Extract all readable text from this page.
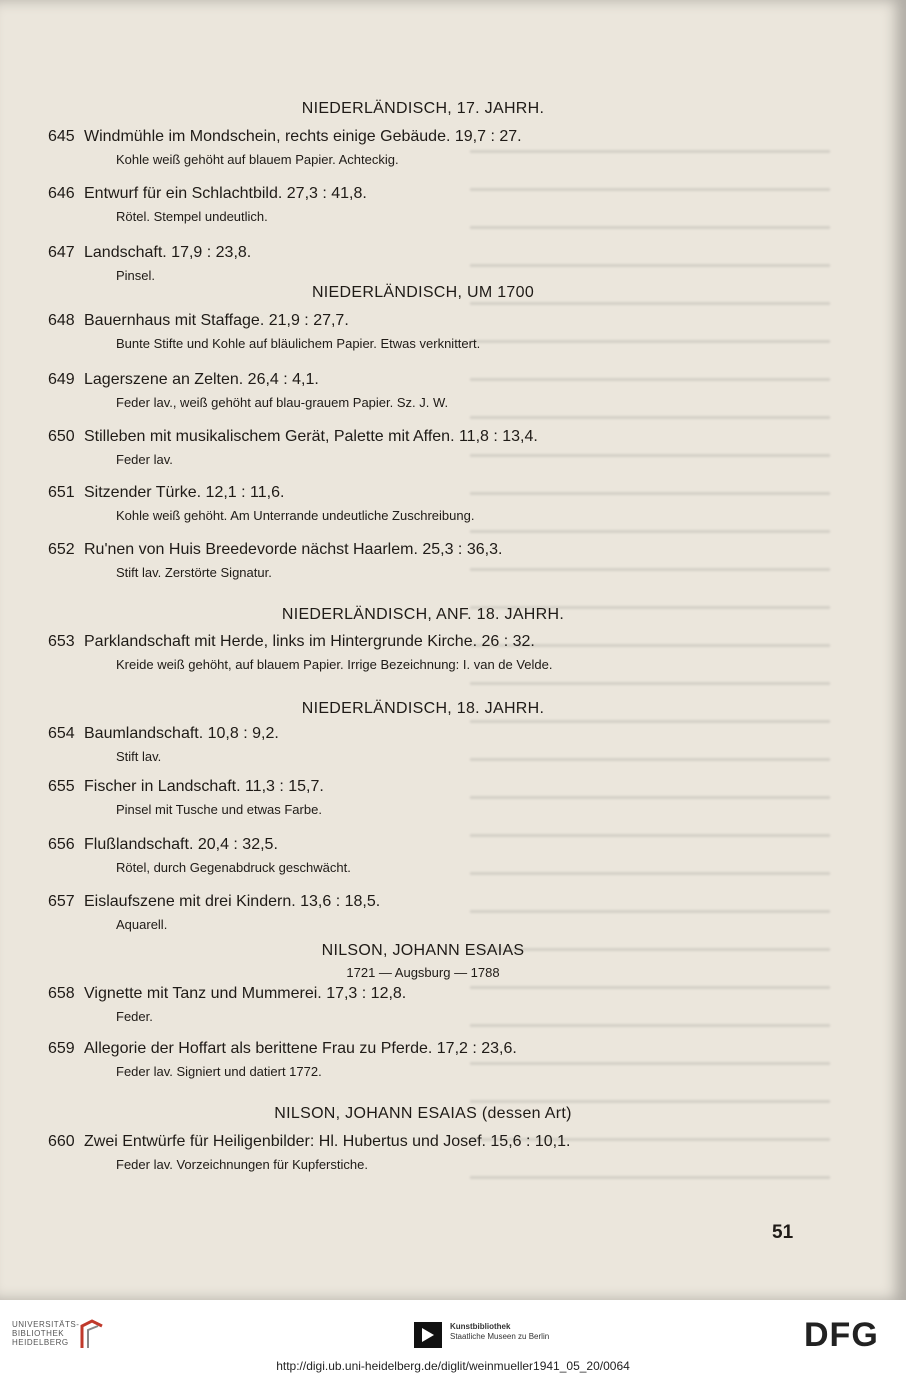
NIEDERLÄNDISCH, 17. JAHRH.
645 Windmühle im Mondschein, rechts einige Gebäude. 19,7 : 27.
Kohle weiß gehöht auf blauem Papier. Achteckig.
646 Entwurf für ein Schlachtbild. 27,3 : 41,8.
Rötel. Stempel undeutlich.
647 Landschaft. 17,9 : 23,8.
Pinsel.
NIEDERLÄNDISCH, UM 1700
648 Bauernhaus mit Staffage. 21,9 : 27,7.
Bunte Stifte und Kohle auf bläulichem Papier. Etwas verknittert.
649 Lagerszene an Zelten. 26,4 : 4,1.
Feder lav., weiß gehöht auf blau-grauem Papier. Sz. J. W.
650 Stilleben mit musikalischem Gerät, Palette mit Affen. 11,8 : 13,4.
Feder lav.
651 Sitzender Türke. 12,1 : 11,6.
Kohle weiß gehöht. Am Unterrande undeutliche Zuschreibung.
652 Ru'nen von Huis Breedevorde nächst Haarlem. 25,3 : 36,3.
Stift lav. Zerstörte Signatur.
NIEDERLÄNDISCH, ANF. 18. JAHRH.
653 Parklandschaft mit Herde, links im Hintergrunde Kirche. 26 : 32.
Kreide weiß gehöht, auf blauem Papier. Irrige Bezeichnung: I. van de Velde.
NIEDERLÄNDISCH, 18. JAHRH.
654 Baumlandschaft. 10,8 : 9,2.
Stift lav.
655 Fischer in Landschaft. 11,3 : 15,7.
Pinsel mit Tusche und etwas Farbe.
656 Flußlandschaft. 20,4 : 32,5.
Rötel, durch Gegenabdruck geschwächt.
657 Eislaufszene mit drei Kindern. 13,6 : 18,5.
Aquarell.
NILSON, JOHANN ESAIAS
1721 — Augsburg — 1788
658 Vignette mit Tanz und Mummerei. 17,3 : 12,8.
Feder.
659 Allegorie der Hoffart als berittene Frau zu Pferde. 17,2 : 23,6.
Feder lav. Signiert und datiert 1772.
NILSON, JOHANN ESAIAS (dessen Art)
660 Zwei Entwürfe für Heiligenbilder: Hl. Hubertus und Josef. 15,6 : 10,1.
Feder lav. Vorzeichnungen für Kupferstiche.
51
UNIVERSITÄTS-
BIBLIOTHEK
HEIDELBERG
Kunstbibliothek
Staatliche Museen zu Berlin	DFG
http://digi.ub.uni-heidelberg.de/diglit/weinmueller1941_05_20/0064
